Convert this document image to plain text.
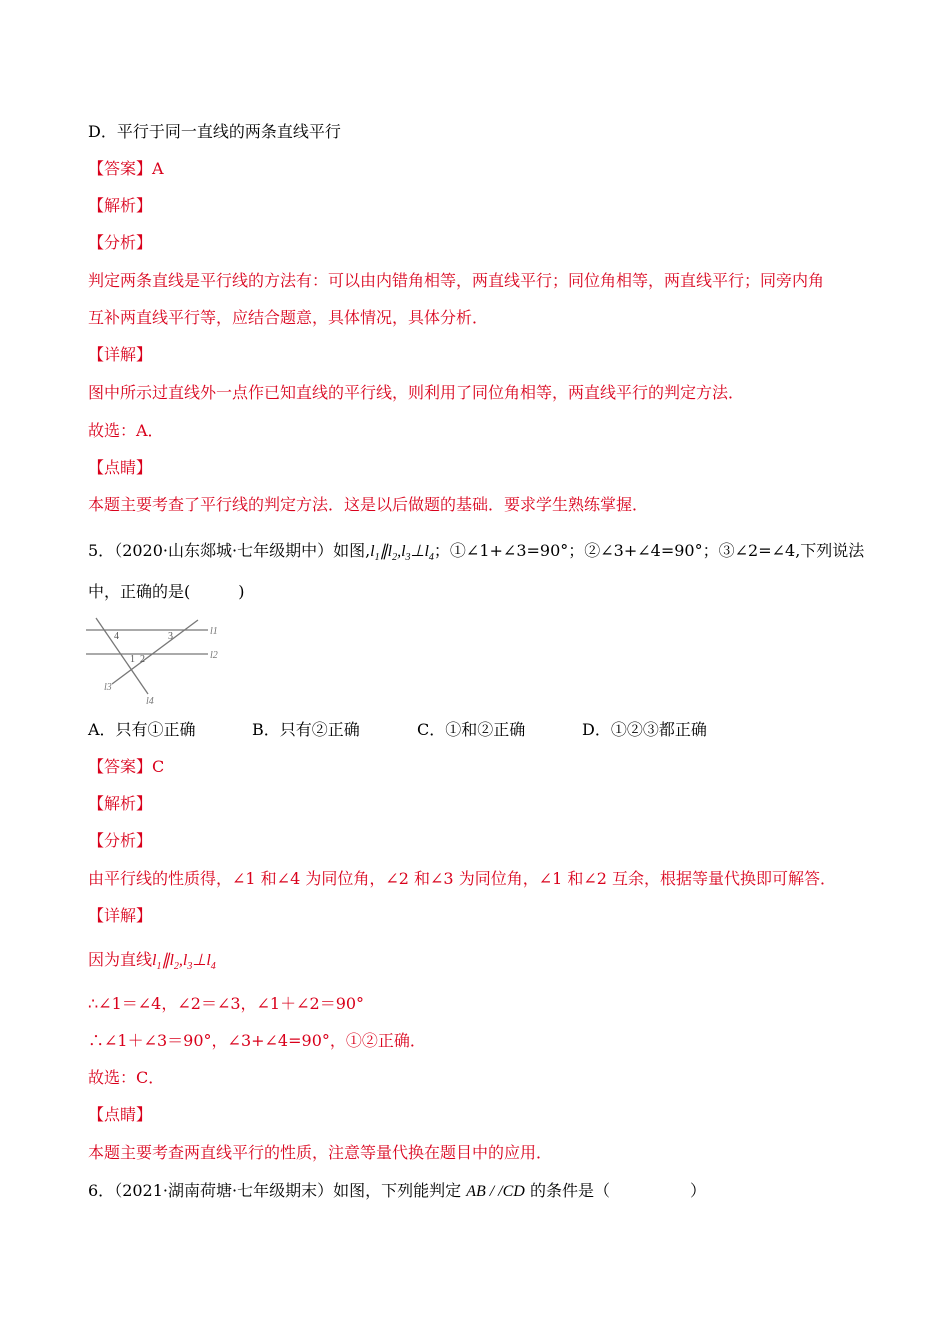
D．平行于同一直线的两条直线平行
【答案】A
【解析】
【分析】
判定两条直线是平行线的方法有：可以由内错角相等，两直线平行；同位角相等，两直线平行；同旁内角
互补两直线平行等，应结合题意，具体情况，具体分析．
【详解】
图中所示过直线外一点作已知直线的平行线，则利用了同位角相等，两直线平行的判定方法．
故选：A．
【点睛】
本题主要考查了平行线的判定方法．这是以后做题的基础．要求学生熟练掌握．
5．（2020·山东郯城·七年级期中）如图$,l_1\parallel l_2,l_3\perp l_4$；①∠1+∠3=90°；②∠3+∠4=90°；③∠2=∠4,下列说法
中，正确的是(　　　)
l1
l2
l3
l4
4	3
1 2
A．只有①正确	B．只有②正确	C．①和②正确	D．①②③都正确
【答案】C
【解析】
【分析】
由平行线的性质得，∠1 和∠4 为同位角，∠2 和∠3 为同位角，∠1 和∠2 互余，根据等量代换即可解答．
【详解】
因为直线$l_1\parallel l_2,l_3\perp l_4$
∴∠1＝∠4，∠2＝∠3，∠1＋∠2＝90°
∴∠1＋∠3＝90°，∠3+∠4=90°，①②正确．
故选：C．
【点睛】
本题主要考查两直线平行的性质，注意等量代换在题目中的应用．
6．（2021·湖南荷塘·七年级期末）如图，下列能判定 AB / /CD 的条件是（　　　　　）
